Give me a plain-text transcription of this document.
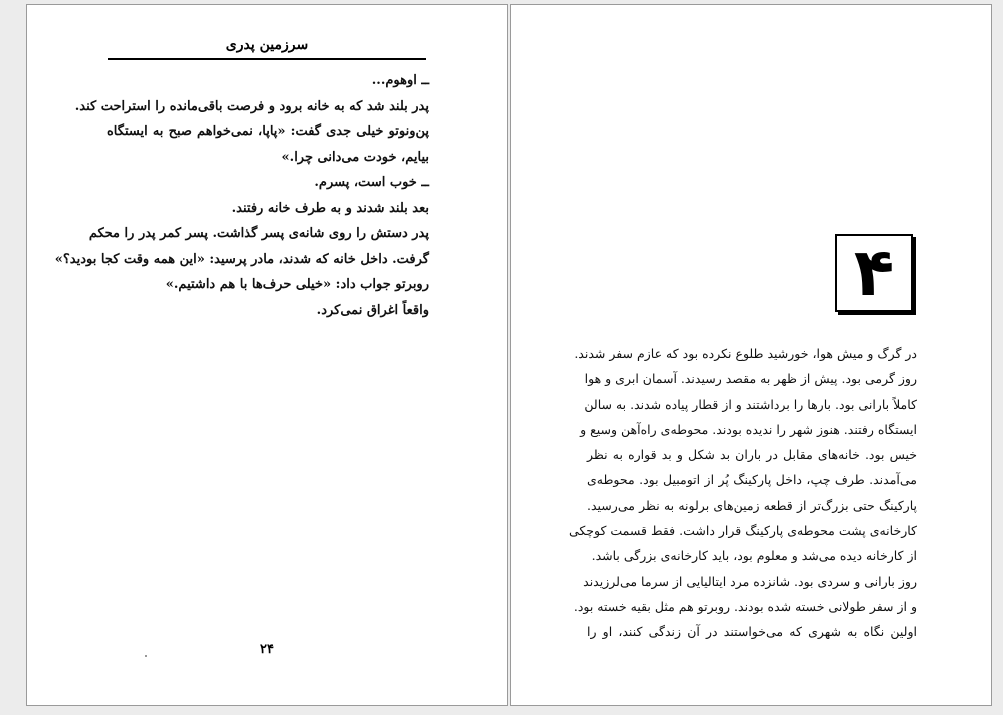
سرزمین پدری
ــ اوهوم...
پدر بلند شد که به خانه برود و فرصت باقی‌مانده را استراحت کند.
پن‌ونوتو خیلی جدی گفت: «پاپا، نمی‌خواهم صبح به ایستگاه
بیایم، خودت می‌دانی چرا.»
ــ خوب است، پسرم.
بعد بلند شدند و به طرف خانه رفتند.
پدر دستش را روی شانه‌ی پسر گذاشت. پسر کمر پدر را محکم
گرفت. داخل خانه که شدند، مادر پرسید: «این همه وقت کجا بودید؟»
روبرتو جواب داد: «خیلی حرف‌ها با هم داشتیم.»
واقعاً اغراق نمی‌کرد.
۲۴
۴
در گرگ و میش هوا، خورشید طلوع نکرده بود که عازم سفر شدند.
روز گرمی بود. پیش از ظهر به مقصد رسیدند. آسمان ابری و هوا
کاملاً بارانی بود. بارها را برداشتند و از قطار پیاده شدند. به سالن
ایستگاه رفتند. هنوز شهر را ندیده بودند. محوطه‌ی راه‌آهن وسیع و
خیس بود. خانه‌های مقابل در باران بد شکل و بد قواره به نظر
می‌آمدند. طرف چپ، داخل پارکینگ پُر از اتومبیل بود. محوطه‌ی
پارکینگ حتی بزرگ‌تر از قطعه زمین‌های برلونه به نظر می‌رسید.
کارخانه‌ی پشت محوطه‌ی پارکینگ قرار داشت. فقط قسمت کوچکی
از کارخانه دیده می‌شد و معلوم بود، باید کارخانه‌ی بزرگی باشد.
روز بارانی و سردی بود. شانزده مرد ایتالیایی از سرما می‌لرزیدند
و از سفر طولانی خسته شده بودند. روبرتو هم مثل بقیه خسته بود.
اولین نگاه به شهری که می‌خواستند در آن زندگی کنند، او را
